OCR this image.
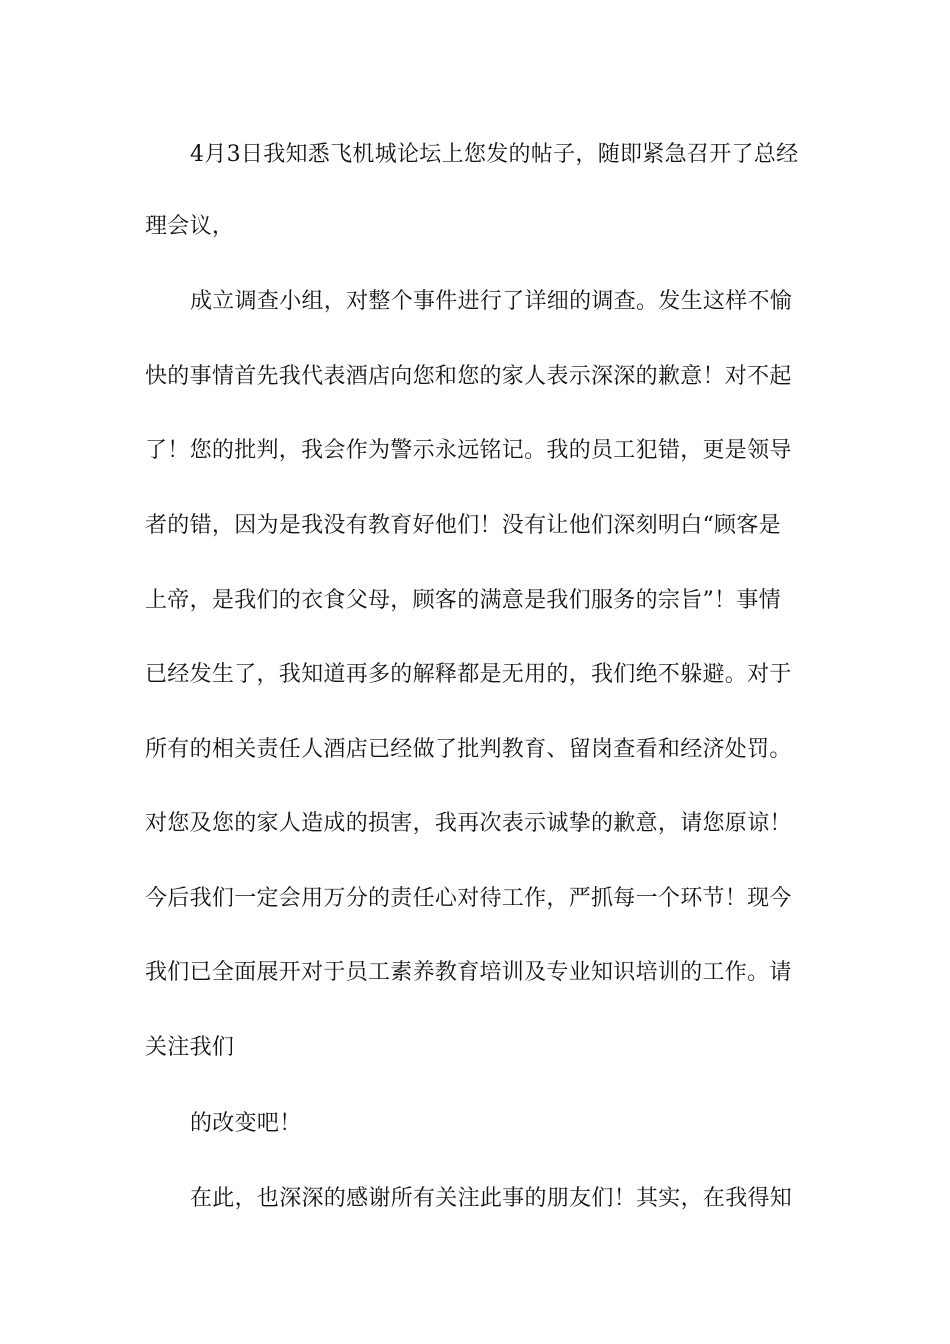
4月3日我知悉飞机城论坛上您发的帖子，随即紧急召开了总经
理会议，
成立调查小组，对整个事件进行了详细的调查。发生这样不愉
快的事情首先我代表酒店向您和您的家人表示深深的歉意！对不起
了！您的批判，我会作为警示永远铭记。我的员工犯错，更是领导
者的错，因为是我没有教育好他们！没有让他们深刻明白“顾客是
上帝，是我们的衣食父母，顾客的满意是我们服务的宗旨”！事情
已经发生了，我知道再多的解释都是无用的，我们绝不躲避。对于
所有的相关责任人酒店已经做了批判教育、留岗查看和经济处罚。
对您及您的家人造成的损害，我再次表示诚挚的歉意，请您原谅！
今后我们一定会用万分的责任心对待工作，严抓每一个环节！现今
我们已全面展开对于员工素养教育培训及专业知识培训的工作。请
关注我们
的改变吧！
在此，也深深的感谢所有关注此事的朋友们！其实，在我得知
